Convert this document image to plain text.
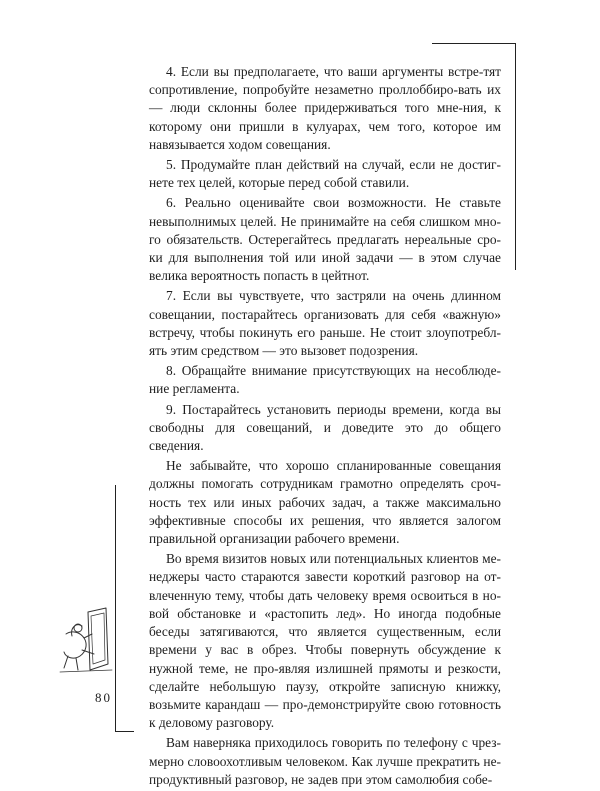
4. Если вы предполагаете, что ваши аргументы встре-тят сопротивление, попробуйте незаметно проллоббиро-вать их — люди склонны более придерживаться того мне-ния, к которому они пришли в кулуарах, чем того, которое им навязывается ходом совещания.

5. Продумайте план действий на случай, если не достиг-нете тех целей, которые перед собой ставили.

6. Реально оценивайте свои возможности. Не ставьте невыполнимых целей. Не принимайте на себя слишком мно-го обязательств. Остерегайтесь предлагать нереальные сро-ки для выполнения той или иной задачи — в этом случае велика вероятность попасть в цейтнот.

7. Если вы чувствуете, что застряли на очень длинном совещании, постарайтесь организовать для себя «важную» встречу, чтобы покинуть его раньше. Не стоит злоупотребл-ять этим средством — это вызовет подозрения.

8. Обращайте внимание присутствующих на несоблюде-ние регламента.

9. Постарайтесь установить периоды времени, когда вы свободны для совещаний, и доведите это до общего сведения.

Не забывайте, что хорошо спланированные совещания должны помогать сотрудникам грамотно определять сроч-ность тех или иных рабочих задач, а также максимально эффективные способы их решения, что является залогом правильной организации рабочего времени.

Во время визитов новых или потенциальных клиентов ме-неджеры часто стараются завести короткий разговор на от-влеченную тему, чтобы дать человеку время освоиться в но-вой обстановке и «растопить лед». Но иногда подобные беседы затягиваются, что является существенным, если времени у вас в обрез. Чтобы повернуть обсуждение к нужной теме, не про-являя излишней прямоты и резкости, сделайте небольшую паузу, откройте записную книжку, возьмите карандаш — про-демонстрируйте свою готовность к деловому разговору.

Вам наверняка приходилось говорить по телефону с чрез-мерно словоохотливым человеком. Как лучше прекратить не-продуктивный разговор, не задев при этом самолюбия собе-

80
